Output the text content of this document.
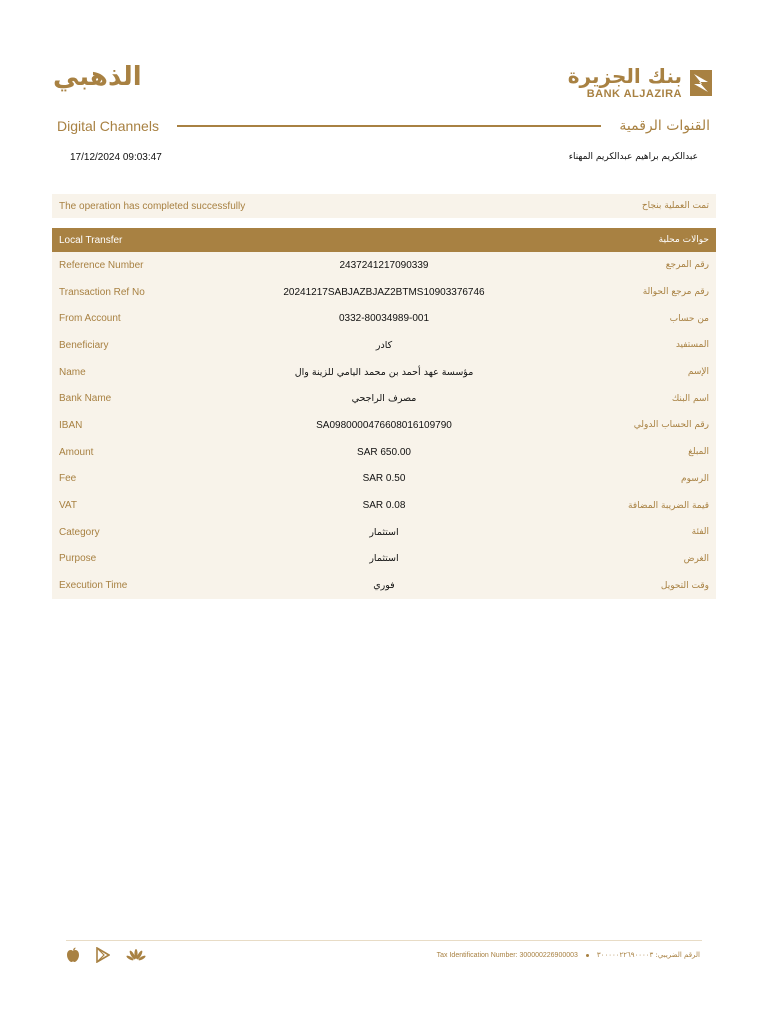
الذهبي	بنك الجزيرة
BANK ALJAZIRA
Digital Channels	القنوات الرقمية
17/12/2024 09:03:47	عبدالكريم براهيم عبدالكريم المهناء
The operation has completed successfully	تمت العملية بنجاح
Local Transfer	حوالات محلية
Reference Number	2437241217090339	رقم المرجع
Transaction Ref No	20241217SABJAZBJAZ2BTMS10903376746	رقم مرجع الحوالة
From Account	0332-80034989-001	من حساب
Beneficiary	كادر	المستفيد
Name	مؤسسة عهد أحمد بن محمد اليامي للزينة وال	الإسم
Bank Name	مصرف الراجحي	اسم البنك
IBAN	SA0980000476608016109790	رقم الحساب الدولي
Amount	SAR 650.00	المبلغ
Fee	SAR 0.50	الرسوم
VAT	SAR 0.08	قيمة الضريبة المضافة
Category	استثمار	الفئة
Purpose	استثمار	الغرض
Execution Time	فوري	وقت التحويل
Tax Identification Number: 300000226900003	الرقم الضريبي: ٣٠٠٠٠٠٢٢٦٩٠٠٠٠٣
